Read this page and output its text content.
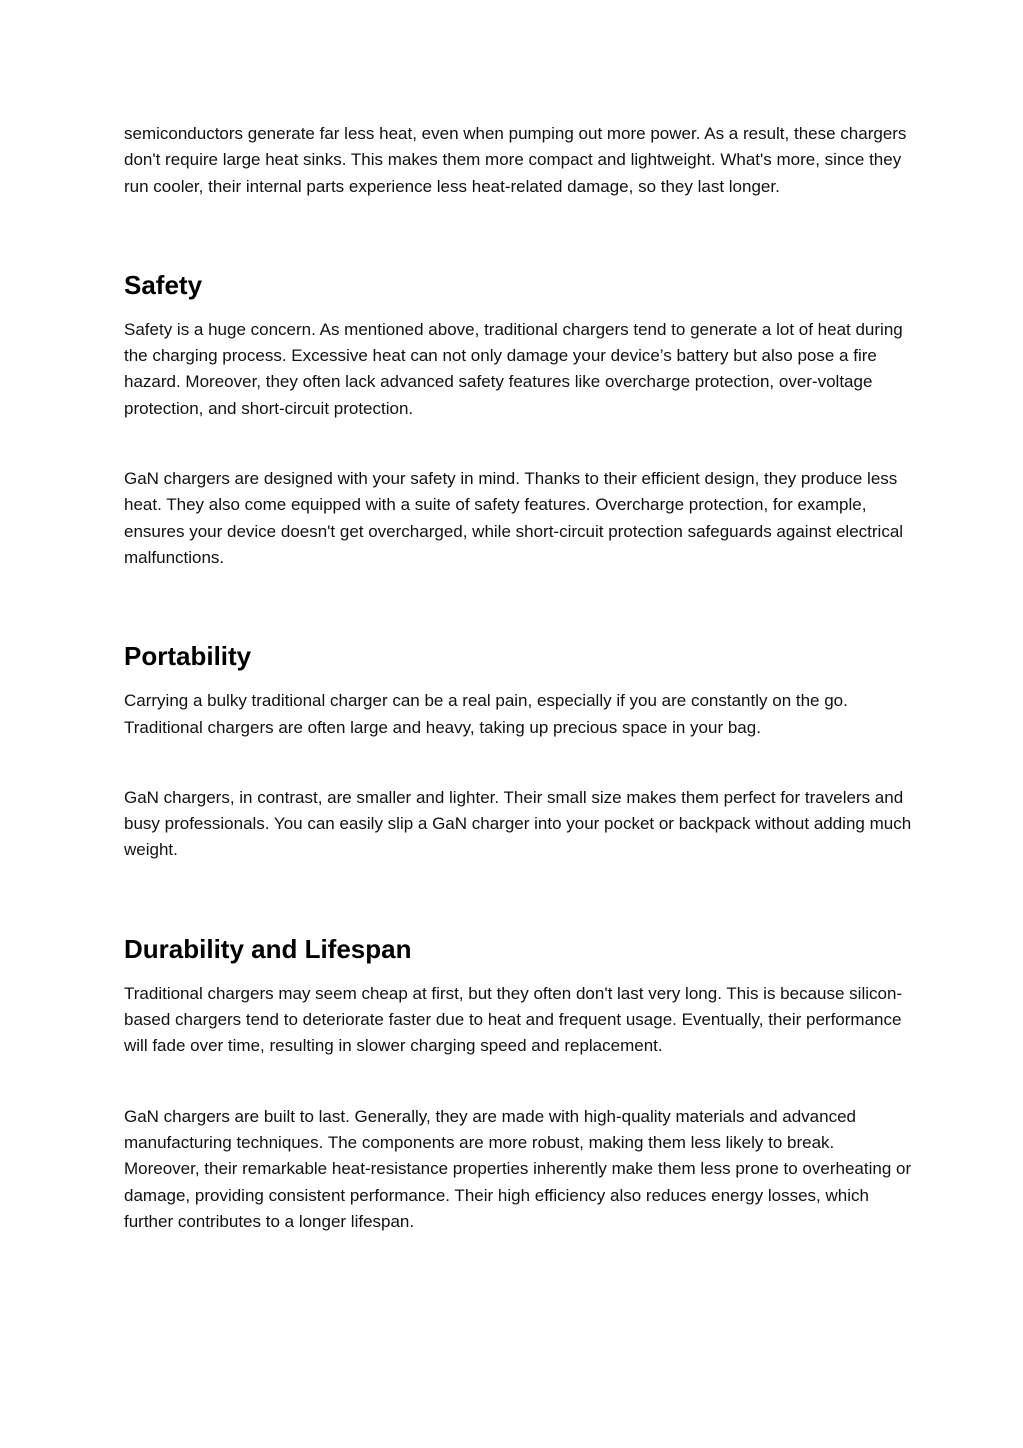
semiconductors generate far less heat, even when pumping out more power. As a result, these chargers don't require large heat sinks. This makes them more compact and lightweight. What's more, since they run cooler, their internal parts experience less heat-related damage, so they last longer.

Safety

Safety is a huge concern. As mentioned above, traditional chargers tend to generate a lot of heat during the charging process. Excessive heat can not only damage your device’s battery but also pose a fire hazard. Moreover, they often lack advanced safety features like overcharge protection, over-voltage protection, and short-circuit protection.

GaN chargers are designed with your safety in mind. Thanks to their efficient design, they produce less heat. They also come equipped with a suite of safety features. Overcharge protection, for example, ensures your device doesn't get overcharged, while short-circuit protection safeguards against electrical malfunctions.

Portability

Carrying a bulky traditional charger can be a real pain, especially if you are constantly on the go. Traditional chargers are often large and heavy, taking up precious space in your bag.

GaN chargers, in contrast, are smaller and lighter. Their small size makes them perfect for travelers and busy professionals. You can easily slip a GaN charger into your pocket or backpack without adding much weight.

Durability and Lifespan

Traditional chargers may seem cheap at first, but they often don't last very long. This is because silicon-based chargers tend to deteriorate faster due to heat and frequent usage. Eventually, their performance will fade over time, resulting in slower charging speed and replacement.

GaN chargers are built to last. Generally, they are made with high-quality materials and advanced manufacturing techniques. The components are more robust, making them less likely to break. Moreover, their remarkable heat-resistance properties inherently make them less prone to overheating or damage, providing consistent performance. Their high efficiency also reduces energy losses, which further contributes to a longer lifespan.
